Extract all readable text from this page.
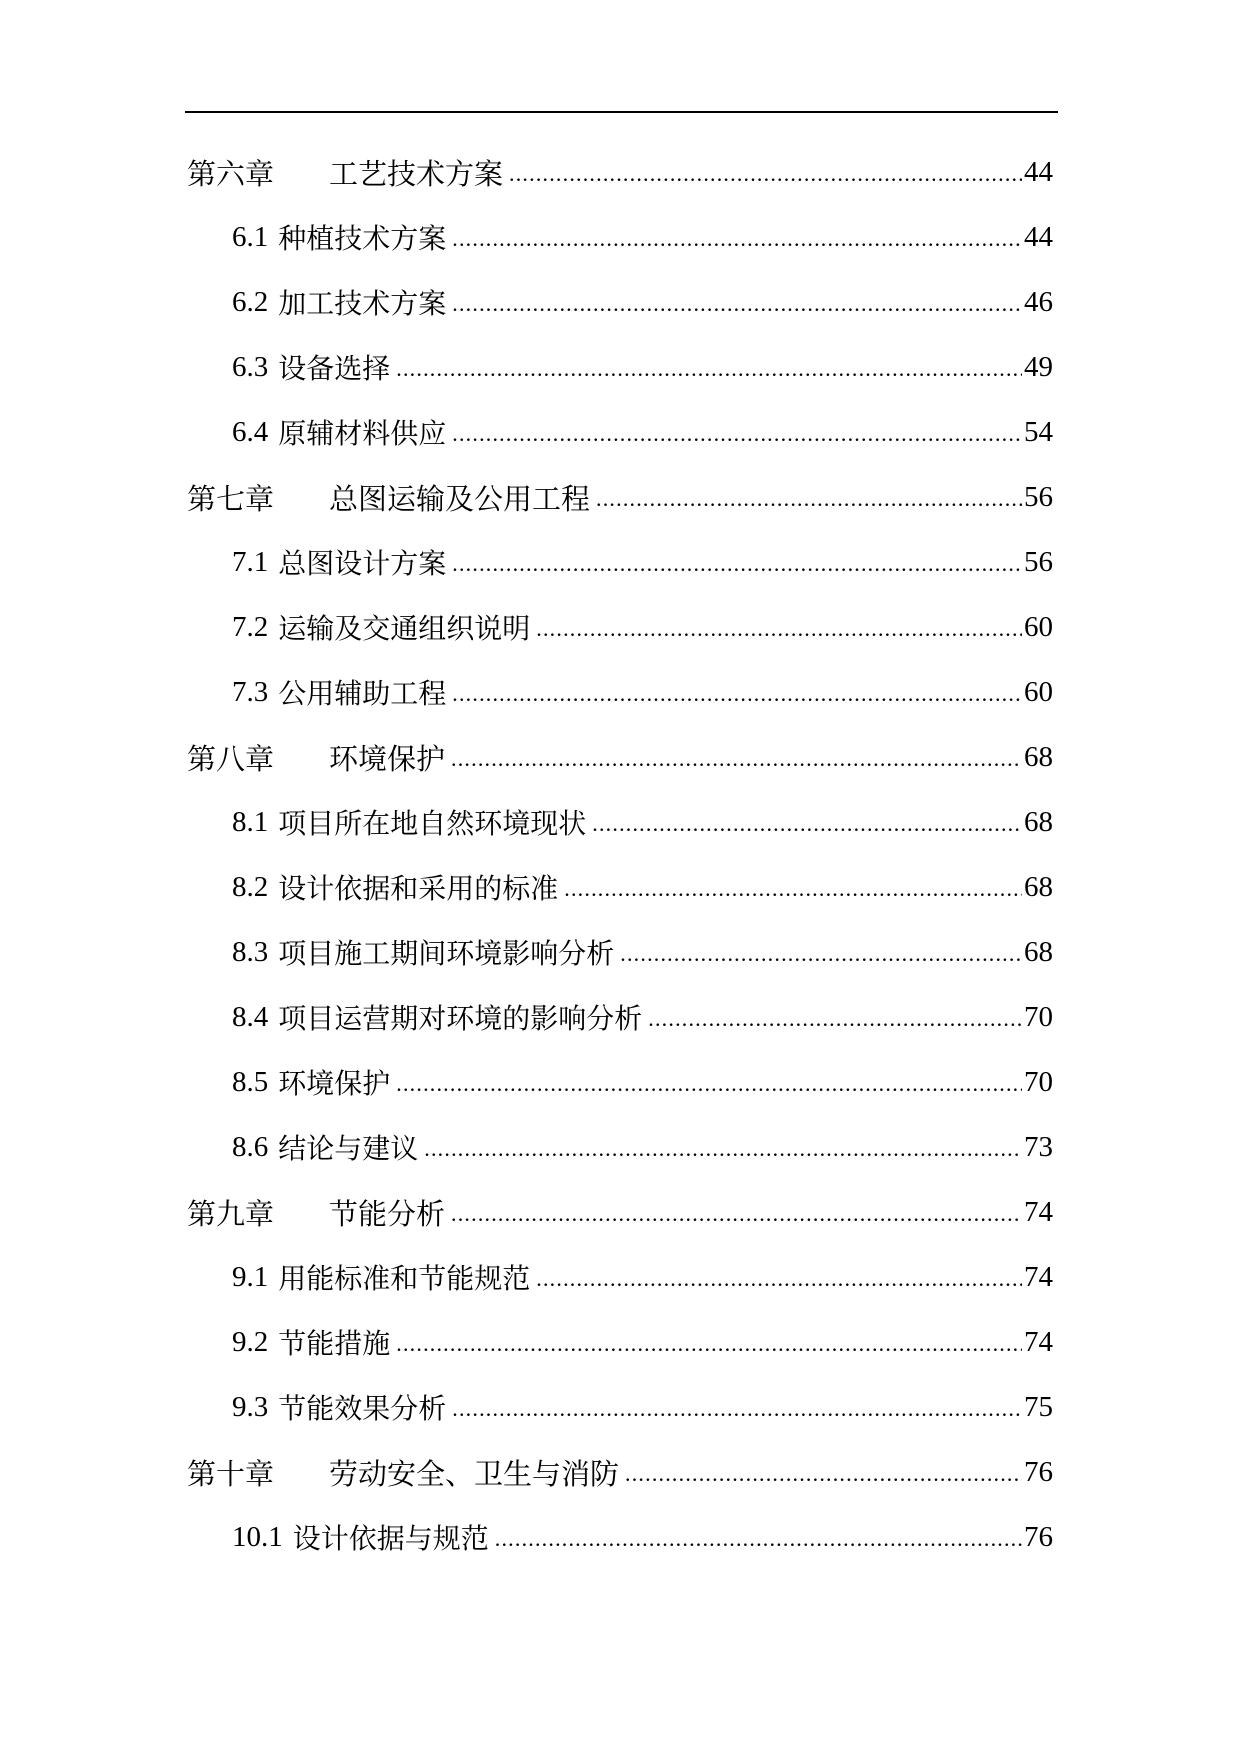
第六章	工艺技术方案 .....	44
6.1 种植技术方案 .....	44
6.2 加工技术方案 .....	46
6.3 设备选择 .....	49
6.4 原辅材料供应 .....	54
第七章	总图运输及公用工程 .....	56
7.1 总图设计方案 .....	56
7.2 运输及交通组织说明 .....	60
7.3 公用辅助工程 .....	60
第八章	环境保护 .....	68
8.1 项目所在地自然环境现状 .....	68
8.2 设计依据和采用的标准 .....	68
8.3 项目施工期间环境影响分析 .....	68
8.4 项目运营期对环境的影响分析 .....	70
8.5 环境保护 .....	70
8.6 结论与建议 .....	73
第九章	节能分析 .....	74
9.1 用能标准和节能规范 .....	74
9.2 节能措施 .....	74
9.3 节能效果分析 .....	75
第十章	劳动安全、卫生与消防 .....	76
10.1 设计依据与规范 .....	76
